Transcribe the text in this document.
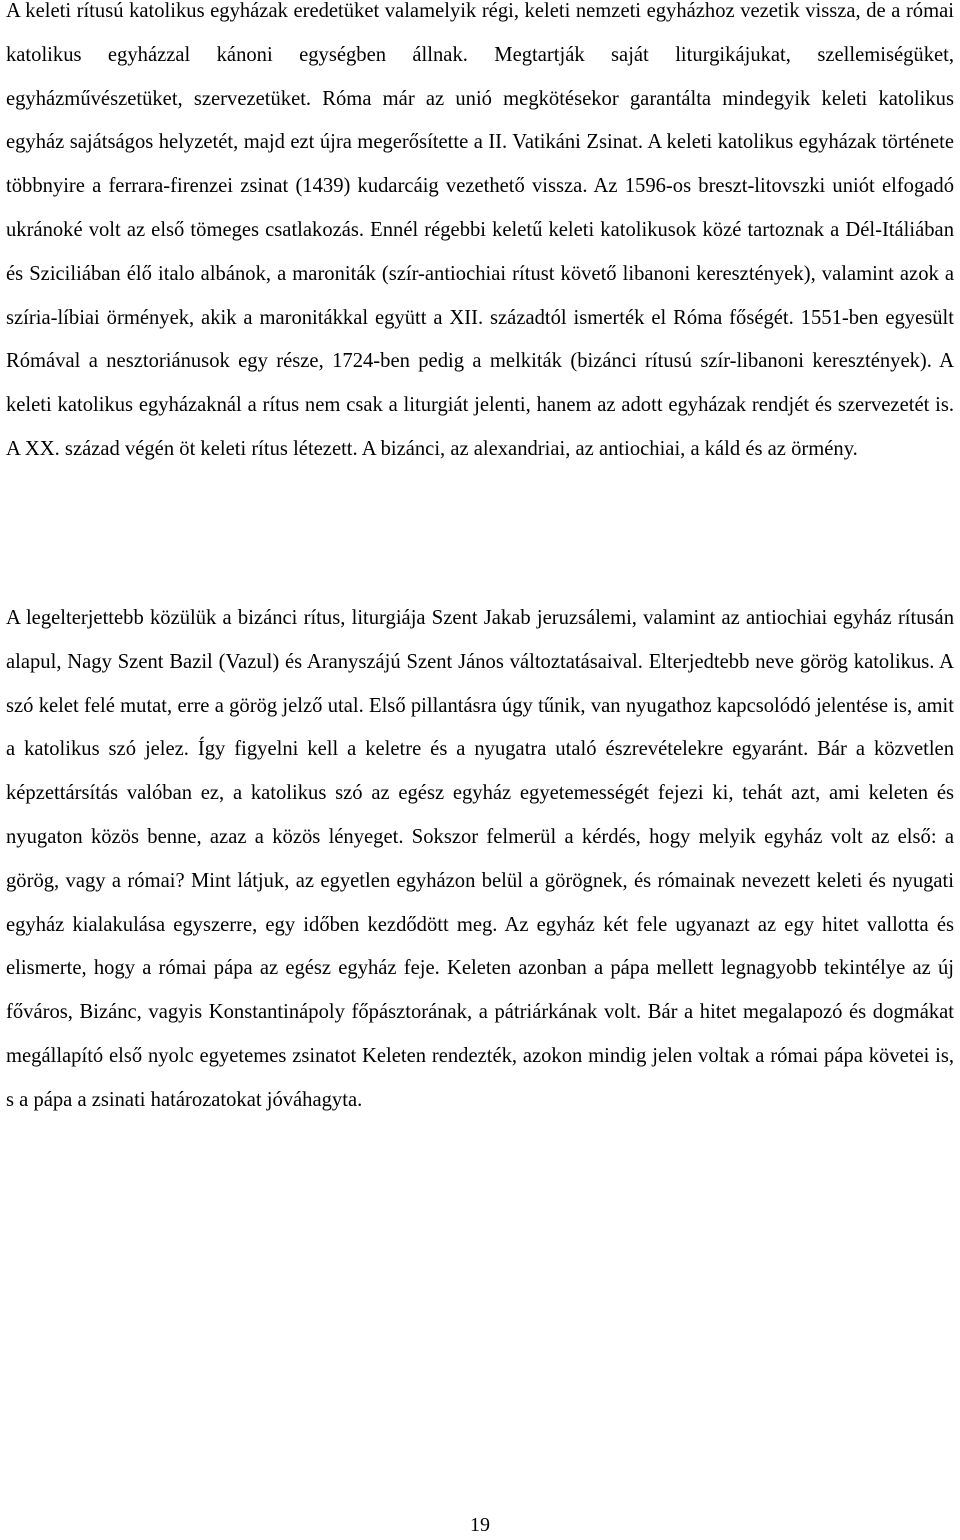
A keleti rítusú katolikus egyházak eredetüket valamelyik régi, keleti nemzeti egyházhoz vezetik vissza, de a római katolikus egyházzal kánoni egységben állnak. Megtartják saját liturgikájukat, szellemiségüket, egyházművészetüket, szervezetüket. Róma már az unió megkötésekor garantálta mindegyik keleti katolikus egyház sajátságos helyzetét, majd ezt újra megerősítette a II. Vatikáni Zsinat. A keleti katolikus egyházak története többnyire a ferrara-firenzei zsinat (1439) kudarcáig vezethető vissza. Az 1596-os breszt-litovszki uniót elfogadó ukránoké volt az első tömeges csatlakozás. Ennél régebbi keletű keleti katolikusok közé tartoznak a Dél-Itáliában és Sziciliában élő italo albánok, a maroniták (szír-antiochiai rítust követő libanoni keresztények), valamint azok a szíria-líbiai örmények, akik a maronitákkal együtt a XII. századtól ismerték el Róma főségét. 1551-ben egyesült Rómával a nesztoriánusok egy része, 1724-ben pedig a melkiták (bizánci rítusú szír-libanoni keresztények). A keleti katolikus egyházaknál a rítus nem csak a liturgiát jelenti, hanem az adott egyházak rendjét és szervezetét is. A XX. század végén öt keleti rítus létezett. A bizánci, az alexandriai, az antiochiai, a káld és az örmény.

A legelterjettebb közülük a bizánci rítus, liturgiája Szent Jakab jeruzsálemi, valamint az antiochiai egyház rítusán alapul, Nagy Szent Bazil (Vazul) és Aranyszájú Szent János változtatásaival. Elterjedtebb neve görög katolikus. A szó kelet felé mutat, erre a görög jelző utal. Első pillantásra úgy tűnik, van nyugathoz kapcsolódó jelentése is, amit a katolikus szó jelez. Így figyelni kell a keletre és a nyugatra utaló észrevételekre egyaránt. Bár a közvetlen képzettársítás valóban ez, a katolikus szó az egész egyház egyetemességét fejezi ki, tehát azt, ami keleten és nyugaton közös benne, azaz a közös lényeget. Sokszor felmerül a kérdés, hogy melyik egyház volt az első: a görög, vagy a római? Mint látjuk, az egyetlen egyházon belül a görögnek, és rómainak nevezett keleti és nyugati egyház kialakulása egyszerre, egy időben kezdődött meg. Az egyház két fele ugyanazt az egy hitet vallotta és elismerte, hogy a római pápa az egész egyház feje. Keleten azonban a pápa mellett legnagyobb tekintélye az új főváros, Bizánc, vagyis Konstantinápoly főpásztorának, a pátriárkának volt. Bár a hitet megalapozó és dogmákat megállapító első nyolc egyetemes zsinatot Keleten rendezték, azokon mindig jelen voltak a római pápa követei is, s a pápa a zsinati határozatokat jóváhagyta.

19
